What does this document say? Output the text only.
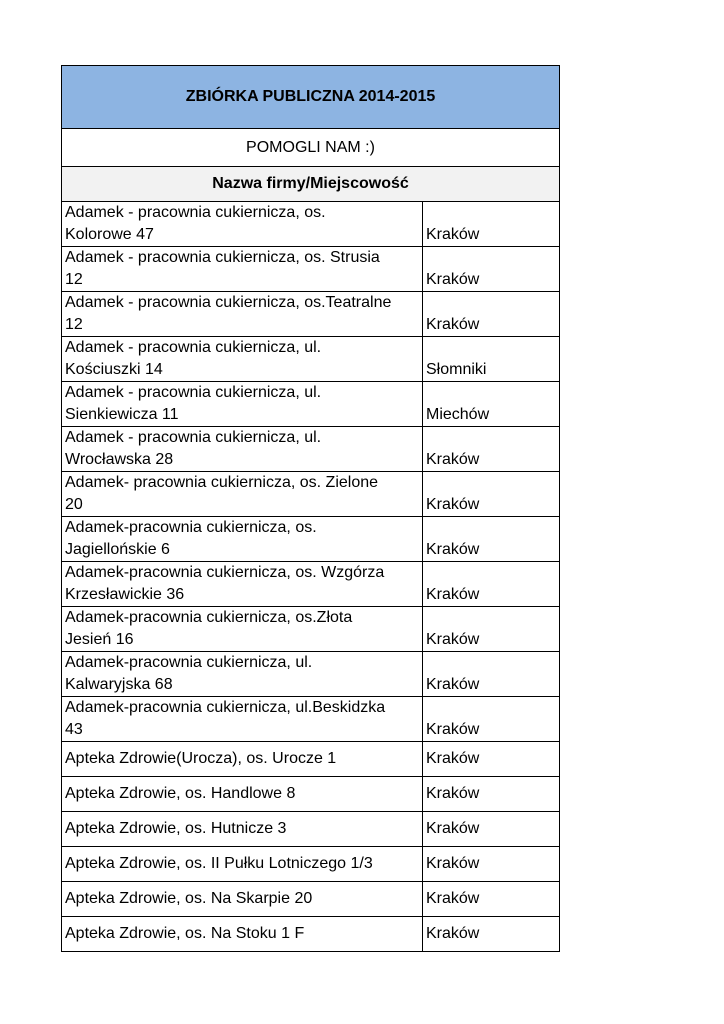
ZBIÓRKA PUBLICZNA 2014-2015	
POMOGLI NAM :)	
Nazwa firmy/Miejscowość	
Adamek - pracownia cukiernicza, os.
Kolorowe 47	Kraków
Adamek - pracownia cukiernicza, os. Strusia
12	Kraków
Adamek - pracownia cukiernicza, os.Teatralne
12	Kraków
Adamek - pracownia cukiernicza, ul.
Kościuszki 14	Słomniki
Adamek - pracownia cukiernicza, ul.
Sienkiewicza 11	Miechów
Adamek - pracownia cukiernicza, ul.
Wrocławska 28	Kraków
Adamek- pracownia cukiernicza, os. Zielone
20	Kraków
Adamek-pracownia cukiernicza, os.
Jagiellońskie 6	Kraków
Adamek-pracownia cukiernicza, os. Wzgórza
Krzesławickie 36	Kraków
Adamek-pracownia cukiernicza, os.Złota
Jesień 16	Kraków
Adamek-pracownia cukiernicza, ul.
Kalwaryjska 68	Kraków
Adamek-pracownia cukiernicza, ul.Beskidzka
43	Kraków
Apteka Zdrowie(Urocza), os. Urocze 1	Kraków
Apteka Zdrowie, os. Handlowe 8	Kraków
Apteka Zdrowie, os. Hutnicze 3	Kraków
Apteka Zdrowie, os. II Pułku Lotniczego 1/3	Kraków
Apteka Zdrowie, os. Na Skarpie 20	Kraków
Apteka Zdrowie, os. Na Stoku 1 F	Kraków
